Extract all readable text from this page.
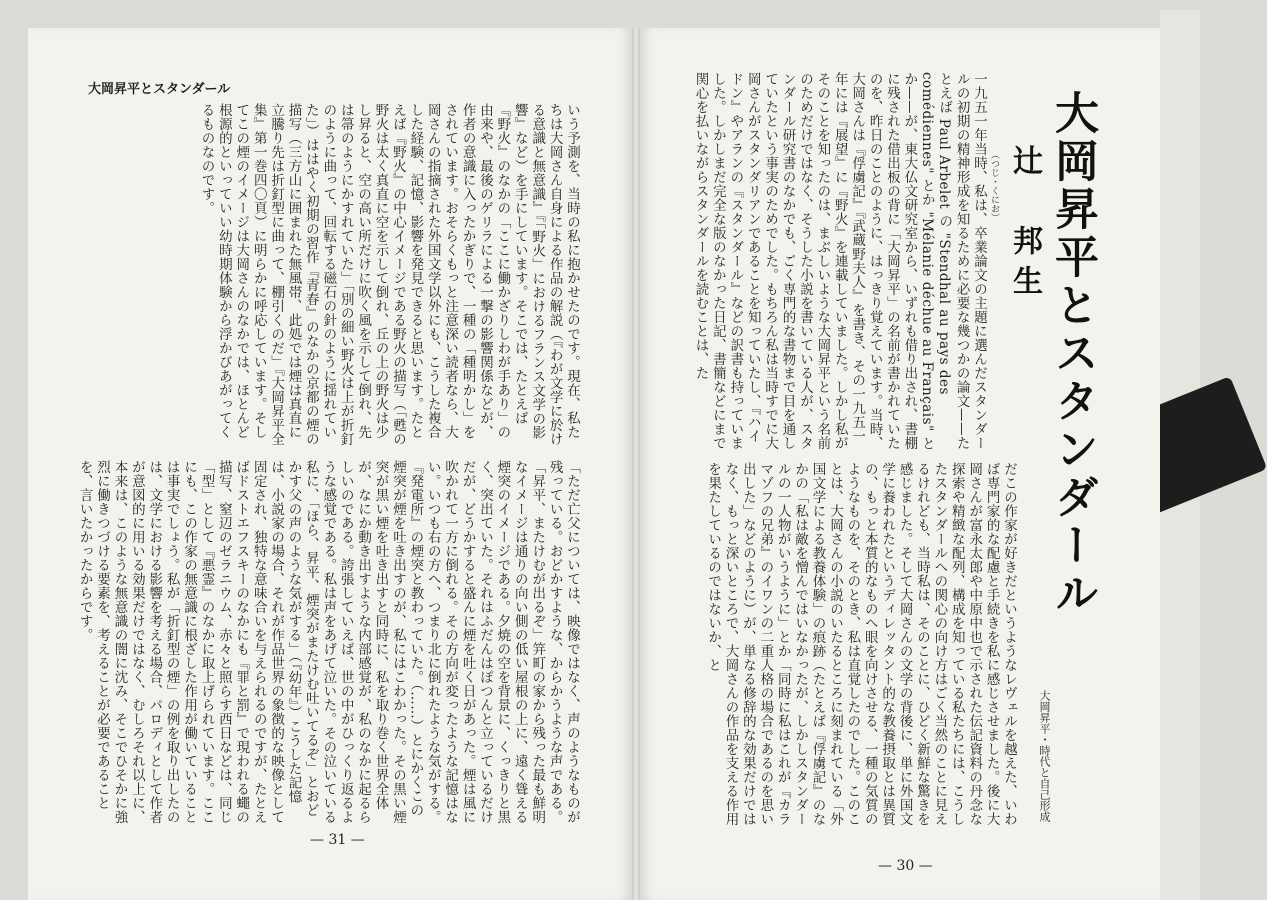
大岡昇平とスタンダール
いう予測を、当時の私に抱かせたのです。現在、私たちは大岡さん自身による作品の解説（『わが文学に於ける意識と無意識』『「野火」におけるフランス文学の影響』など）を手にしています。そこでは、たとえば『野火』のなかの「ここに働かざりしわが手あり」の由来や、最後のゲリラによる一撃の影響関係などが、作者の意識に入ったかぎりで、一種の「種明かし」をされています。おそらくもっと注意深い読者なら、大岡さんの指摘された外国文学以外にも、こうした複合した経験、記憶、影響を発見できると思います。たとえば『野火』の中心イメージである野火の描写（「甦の野火は太く真直に空を示して倒れ、丘の上の野火は少し昇ると、空の高い所だけに吹く風を示して倒れ、先は箒のようにかすれていた」「別の細い野火は上が折釘のように曲って、回転する磁石の針のように揺れていた」）ははやく初期の習作『青春』のなかの京都の煙の描写（三方山に囲まれた無風帯、此処では煙は真直に立騰り先は折釘型に曲って、棚引くのだ」『大岡昇平全集』第一巻四〇頁）に明らかに呼応しています。そしてこの煙のイメージは大岡さんのなかでは、ほとんど根源的といっていい幼時期体験から浮かびあがってくるものなのです。
「ただ亡父については、映像ではなく、声のようなものが残っている。おどかすような、からかうような声である。「昇平、またけむが出るぞ」笄町の家から残った最も鮮明なイメージは通りの向い側の低い屋根の上に、遠く聳える煙突のイメージである。夕焼の空を背景に、くっきりと黒く、突出ていた。それはふだんはぽつんと立っているだけだが、どうかすると盛んに煙を吐く日があった。煙は風に吹かれて一方に倒れる。その方向が変ったような記憶はない。いつも右の方へ、つまり北に倒れたような気がする。『発電所』の煙突と教わっていた。（……）とにかくこの煙突が煙を吐き出すのが、私にはこわかった。その黒い煙突が黒い煙を吐き出すと同時に、私を取り巻く世界全体が、なにか動き出すような内部感覚が、私のなかに起るらしいのである。誇張していえば、世の中がひっくり返るような感覚である。私は声をあげて泣いた。その泣いている私に、「ほら、昇平、煙突がまたけむ吐いてるぞ」とおどかす父の声のような気がする」（『幼年』）こうした記憶は、小説家の場合、それが作品世界の象徴的な映像として固定され、独特な意味合いを与えられるのですが、たとえばドストエフスキーのなかにも『罪と罰』で現われる蠅の描写、窒辺のゼラニウム、赤々と照らす西日などは、同じ「型」として『悪霊』のなかに取上げられています。ここにも、この作家の無意識に根ざした作用が働いていることは事実でしょう。私が「折釘型の煙」の例を取り出したのは、文学における影響を考える場合、パロディとして作者が意図的に用いる効果だけではなく、むしろそれ以上に、本来は、このような無意識の闇に沈み、そこでひそかに強烈に働きつづける要素を、考えることが必要であることを、言いたかったからです。
— 31 —
大岡昇平とスタンダール
辻　邦生
（つじ・くにお）
一九五一年当時、私は、卒業論文の主題に選んだスタンダールの初期の精神形成を知るために必要な幾つかの論文——たとえば Paul Arbelet の "Stendhal au pays des comédiennes" とか "Mélanie déchue au Français" とか——が、東大仏文研究室から、いずれも借り出され、書棚に残された借出板の背に「大岡昇平」の名前が書かれていたのを、昨日のことのように、はっきり覚えています。当時、大岡さんは『俘虜記』『武蔵野夫人』を書き、その一九五一年には『展望』に『野火』を連載していました。しかし私がそのことを知ったのは、まぶしいような大岡昇平という名前のためだけではなく、そうした小説を書いている人が、スタンダール研究書のなかでも、ごく専門的な書物まで目を通していたという事実のためでした。もちろん私は当時すでに大岡さんがスタンダリアンであることを知っていたし、『ハイドン』やアランの『スタンダール』などの訳書も持っていました。しかしまだ完全な版のなかった日記、書簡などにまで関心を払いながらスタンダールを読むことは、た
だこの作家が好きだというようなレヴェルを越えた、いわば専門家的な配慮と手続きを私に感じさせました。後に大岡さんが富永太郎や中原中也で示された伝記資料の丹念な探索や精緻な配列、構成を知っている私たちには、こうしたスタンダールへの関心の向け方はごく当然のことに見えるけれども、当時私は、そのことに、ひどく新鮮な驚きを感じました。そして大岡さんの文学の背後に、単に外国文学に養われたというディレッタント的な教養摂取とは異質の、もっと本質的なものへ眼を向けさせる、一種の気質のようなものを、そのとき、私は直覚したのでした。このことは、大岡さんの小説のいたるところに刻まれている「外国文学による教養体験」の痕跡（たとえば『俘虜記』のなかの「私は敵を憎んではいなかったが、しかしスタンダールの一人物がいうように」とか「同時に私はこれが『カラマゾフの兄弟』のイワンの二重人格の場合であるのを思い出した」などのように）が、単なる修辞的な効果だけではなく、もっと深いところで、大岡さんの作品を支える作用を果たしているのではないか、と
大岡昇平・時代と自己形成
— 30 —
